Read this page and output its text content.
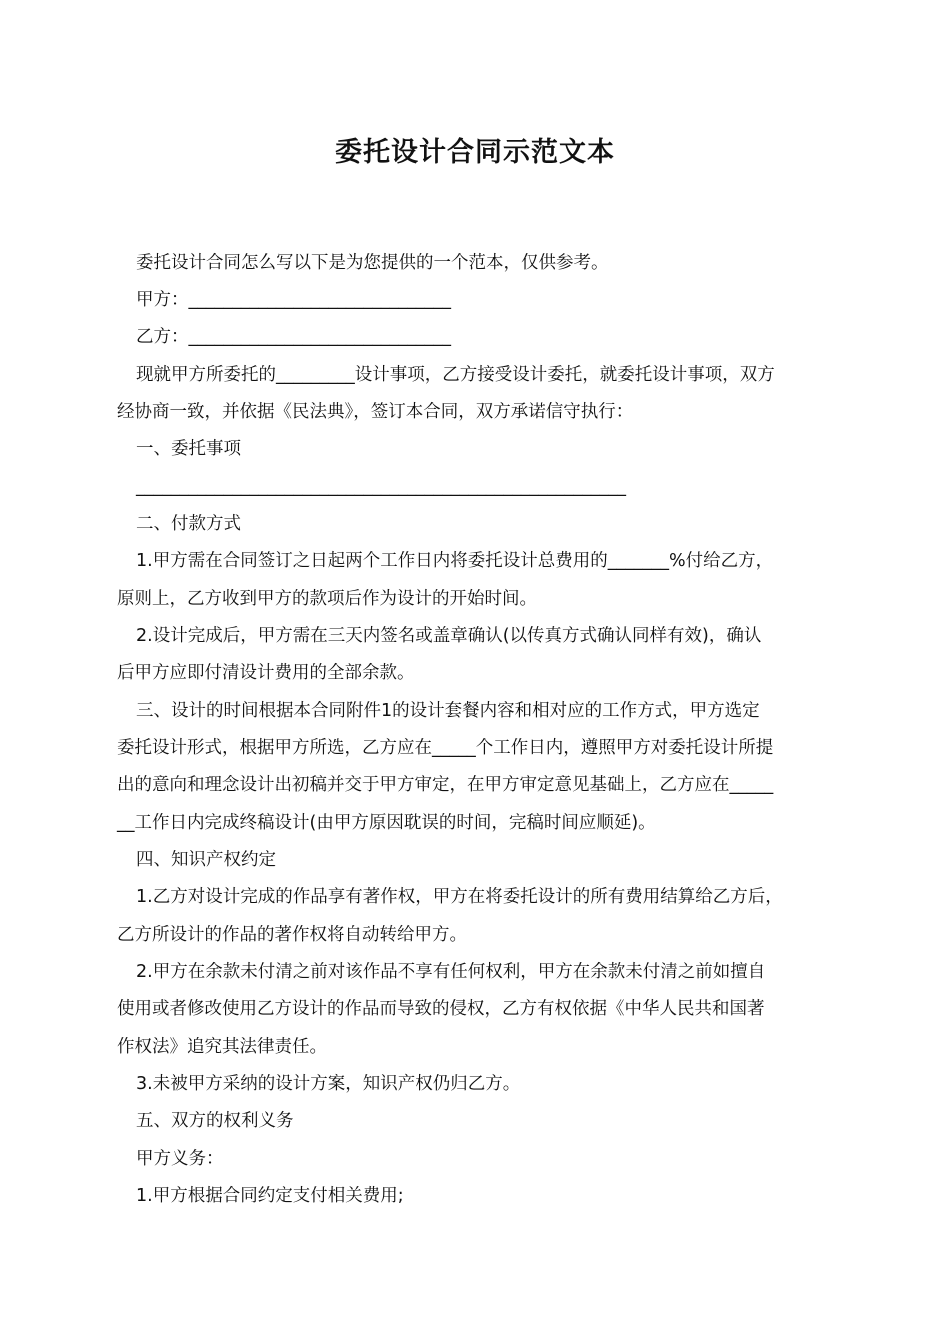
委托设计合同示范文本
委托设计合同怎么写以下是为您提供的一个范本，仅供参考。
甲方：______________________________
乙方：______________________________
现就甲方所委托的_________设计事项，乙方接受设计委托，就委托设计事项，双方
经协商一致，并依据《民法典》，签订本合同，双方承诺信守执行：
一、委托事项
________________________________________________________
二、付款方式
1.甲方需在合同签订之日起两个工作日内将委托设计总费用的_______%付给乙方，
原则上，乙方收到甲方的款项后作为设计的开始时间。
2.设计完成后，甲方需在三天内签名或盖章确认(以传真方式确认同样有效)，确认
后甲方应即付清设计费用的全部余款。
三、设计的时间根据本合同附件1的设计套餐内容和相对应的工作方式，甲方选定
委托设计形式，根据甲方所选，乙方应在_____个工作日内，遵照甲方对委托设计所提
出的意向和理念设计出初稿并交于甲方审定，在甲方审定意见基础上，乙方应在_____
__工作日内完成终稿设计(由甲方原因耽误的时间，完稿时间应顺延)。
四、知识产权约定
1.乙方对设计完成的作品享有著作权，甲方在将委托设计的所有费用结算给乙方后，
乙方所设计的作品的著作权将自动转给甲方。
2.甲方在余款未付清之前对该作品不享有任何权利，甲方在余款未付清之前如擅自
使用或者修改使用乙方设计的作品而导致的侵权，乙方有权依据《中华人民共和国著
作权法》追究其法律责任。
3.未被甲方采纳的设计方案，知识产权仍归乙方。
五、双方的权利义务
甲方义务：
1.甲方根据合同约定支付相关费用;
